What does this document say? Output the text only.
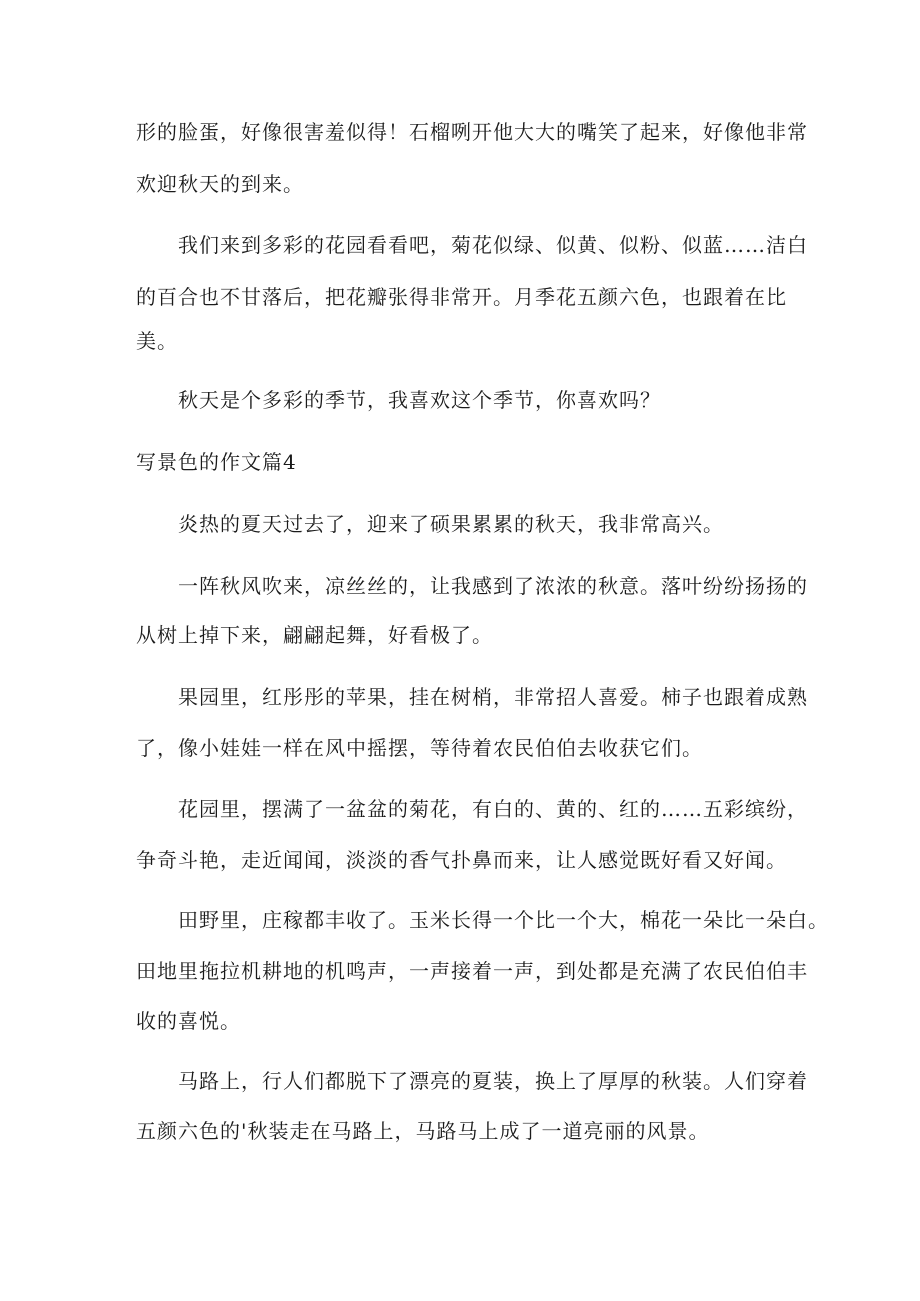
形的脸蛋，好像很害羞似得！石榴咧开他大大的嘴笑了起来，好像他非常
欢迎秋天的到来。
我们来到多彩的花园看看吧，菊花似绿、似黄、似粉、似蓝……洁白
的百合也不甘落后，把花瓣张得非常开。月季花五颜六色，也跟着在比
美。
秋天是个多彩的季节，我喜欢这个季节，你喜欢吗？
写景色的作文篇4
炎热的夏天过去了，迎来了硕果累累的秋天，我非常高兴。
一阵秋风吹来，凉丝丝的，让我感到了浓浓的秋意。落叶纷纷扬扬的
从树上掉下来，翩翩起舞，好看极了。
果园里，红彤彤的苹果，挂在树梢，非常招人喜爱。柿子也跟着成熟
了，像小娃娃一样在风中摇摆，等待着农民伯伯去收获它们。
花园里，摆满了一盆盆的菊花，有白的、黄的、红的……五彩缤纷，
争奇斗艳，走近闻闻，淡淡的香气扑鼻而来，让人感觉既好看又好闻。
田野里，庄稼都丰收了。玉米长得一个比一个大，棉花一朵比一朵白。
田地里拖拉机耕地的机鸣声，一声接着一声，到处都是充满了农民伯伯丰
收的喜悦。
马路上，行人们都脱下了漂亮的夏装，换上了厚厚的秋装。人们穿着
五颜六色的'秋装走在马路上，马路马上成了一道亮丽的风景。
